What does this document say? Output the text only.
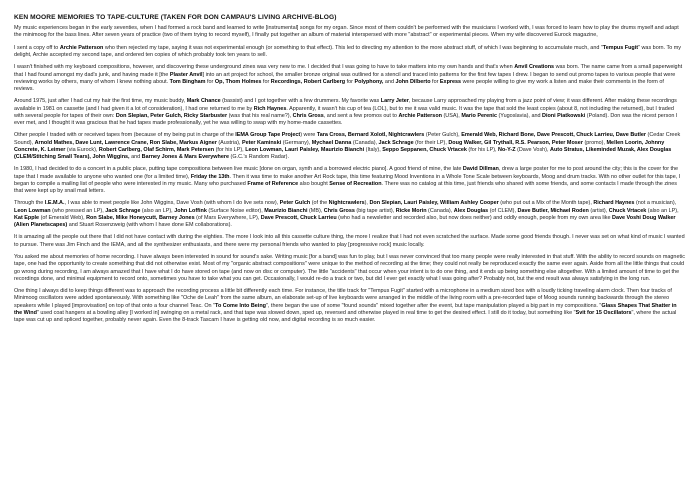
KEN MOORE MEMORIES TO TAPE-CULTURE (TAKEN FOR DON CAMPAU'S LIVING ARCHIVE-BLOG)

My music experiences began in the early seventies, when I had formed a rock band and learned to write [instrumental] songs for my organ. Since most of them couldn't be performed with the musicians I worked with, I was forced to learn how to play the drums myself and adapt the minimoog for the bass lines. After seven years of practice (two of them trying to record myself), I finally put together an album of material interspersed with more "abstract" or experimental pieces. When my wife discovered Eurock magazine,

I sent a copy off to Archie Patterson who then rejected my tape, saying it was not experimental enough (or something to that effect). This led to directing my attention to the more abstract stuff, of which I was beginning to accumulate much, and "Tempus Fugit" was born. To my delight, Archie accepted my second tape, and ordered ten copies of which probably took ten years to sell.

I wasn't finished with my keyboard compositions, however, and discovering these underground zines was very new to me. I decided that I was going to have to take matters into my own hands and that's when Anvil Creations was born. The name came from a small paperweight that I had found amongst my dad's junk, and having made it [the Plaster Anvil] into an art project for school, the smaller bronze original was outlined for a stencil and traced into patterns for the first few tapes I drew. I began to send out promo tapes to various people that were reviewing works by others, many of whom I knew nothing about. Tom Bingham for Op, Thom Holmes for Recordings, Robert Carlberg for Polyphony, and John Dilberto for Express were people willing to give my work a listen and make their comments in the form of reviews.

Around 1975, just after I had cut my hair the first time, my music buddy, Mark Chance (bassist) and I got together with a few drummers. My favorite was Larry Jeter, because Larry approached my playing from a jazz point of view; it was different. After making these recordings available in 1981 on cassette (and I had given it a lot of consideration), I had one returned to me by Rich Haynes. Apparently, it wasn't his cup of tea (LOL), but to me it was valid music. It was the tape that sold the least copies (about 8, not including the returned), but I traded with several people for tapes of their own: Don Slepian, Peter Gulch, Ricky Starbuster (was that his real name?), Chris Gross, and sent a few promos out to Archie Patterson (USA), Mario Perenic (Yugoslavia), and Dioni Piatkowski (Poland). Don was the nicest person I ever met, and I thought it was gracious that he had tapes made professionally, yet he was willing to swap with my home-made cassettes.

Other people I traded with or received tapes from (because of my being put in charge of the IEMA Group Tape Project) were Tara Cross, Bernard Xolotl, Nightcrawlers (Peter Gulch), Emerald Web, Richard Bone, Dave Prescott, Chuck Larrieu, Dave Butler (Cedar Creek Sound), Arnold Mathes, Dave Lunt, Lawrence Crane, Ron Slabe, Markus Aigner (Austria), Peter Kaminski (Germany), Mychael Danna (Canada), Jack Schrage (for their LP), Doug Walker, Gil Trythall, R.S. Pearson, Peter Moser (promo), Mellen Loorin, Johnny Concrete, K. Leimer (via Eurock), Robert Carlberg, Olaf Schirm, Mark Petersen (for his LP), Leon Lowman, Lauri Paisley, Maurizio Bianchi (Italy), Seppo Seppanen, Chuck Vrtacek (for his LP), No-Y-Z (Dave Vosh), Auto Stratus, Likeminded Muzak, Alex Douglas (CLEM/Stitching Small Tears), John Wiggins, and Barney Jones & Mars Everywhere (G.C.'s Random Radar).

In 1980, I had decided to do a concert in a public place, putting tape compositions between live music [done on organ, synth and a borrowed electric piano]. A good friend of mine, the late David Dillman, drew a large poster for me to post around the city; this is the cover for the tape that I made available to anyone who wanted one (for a limited time), Friday the 13th. Then it was time to make another Art Rock tape, this time featuring Mood Inventions in a Whole Tone Scale between keyboards, Moog and drum tracks. With no other outlet for this tape, I began to compile a mailing list of people who were interested in my music. Many who purchased Frame of Reference also bought Sense of Recreation. There was no catalog at this time, just friends who shared with some friends, and some contacts I made through the zines that were kept up by snail mail letters.

Through the I.E.M.A., I was able to meet people like John Wiggins, Dave Vosh (with whom I do live sets now), Peter Gulch (of the Nightcrawlers), Don Slepian, Lauri Paisley, William Ashley Cooper (who put out a Mix of the Month tape), Richard Haynes (not a musician), Leon Lowman (who pressed an LP), Jack Schrage (also an LP), John Loffink (Surface Noise editor), Maurizio Bianchi (MB), Chris Gross (big tape artist), Ricke Morin (Canada), Alex Douglas (of CLEM), Dave Butler, Michael Roden (artist), Chuck Vrtacek (also an LP), Kat Epple (of Emerald Web), Ron Slabe, Mike Honeycutt, Barney Jones (of Mars Everywhere, LP), Dave Prescott, Chuck Larrieu (who had a newsletter and recorded also, but now does neither) and oddly enough, people from my own area like Dave Voshi Doug Walker (Alien Planetscapes) and Stuart Rosenzweig (with whom I have done EM collaborations).

It is amazing all the people out there that I did not have contact with during the eighties. The more I look into all this cassette culture thing, the more I realize that I had not even scratched the surface. Made some good friends though. I never was set on what kind of music I wanted to pursue. There was Jim Finch and the IEMA, and all the synthesizer enthusiasts, and there were my personal friends who wanted to play [progressive rock] music locally.

You asked me about memories of home recording. I have always been interested in sound for sound's sake. Writing music [for a band] was fun to play, but I was never convinced that too many people were really interested in that stuff. With the ability to record sounds on magnetic tape, one had the opportunity to create something that did not otherwise exist. Most of my "organic abstract compositions" were unique to the method of recording at the time; they could not really be reproduced exactly the same ever again. Aside from all the little things that could go wrong during recording, I am always amazed that I have what I do have stored on tape (and now on disc or computer). The little "accidents" that occur when your intent is to do one thing, and it ends up being something else altogether. With a limited amount of time to get the recordings done, and minimal equipment to record onto, sometimes you have to take what you can get. Occasionally, I would re-do a track or two, but did I ever get exactly what I was going after? Probably not, but the end result was always satisfying in the long run.

One thing I always did to keep things different was to approach the recording process a little bit differently each time. For instance, the title track for "Tempus Fugit" started with a microphone in a medium sized box with a loudly ticking traveling alarm clock. Then four tracks of Minimoog oscillators were added spontaneously. With something like "Oche de Leah" from the same album, an elaborate set-up of live keyboards were arranged in the middle of the living room with a pre-recorded tape of Moog sounds running backwards through the stereo speakers while I played [improvisation] on top of that onto a four channel Teac. On "To Come Into Being", there began the use of some "found sounds" mixed together after the event, but tape manipulation played a big part in my compositions. "Glass Shapes That Shatter in the Wind" used coat hangers at a bowling alley [I worked in] swinging on a metal rack, and that tape was slowed down, sped up, reversed and otherwise played in real time to get the desired effect. I still do it today, but something like "Svit for 15 Oscillators", where the actual tape was cut up and spliced together, probably never again. Even the 8-track Tascam I have is getting old now, and digital recording is so much easier.
